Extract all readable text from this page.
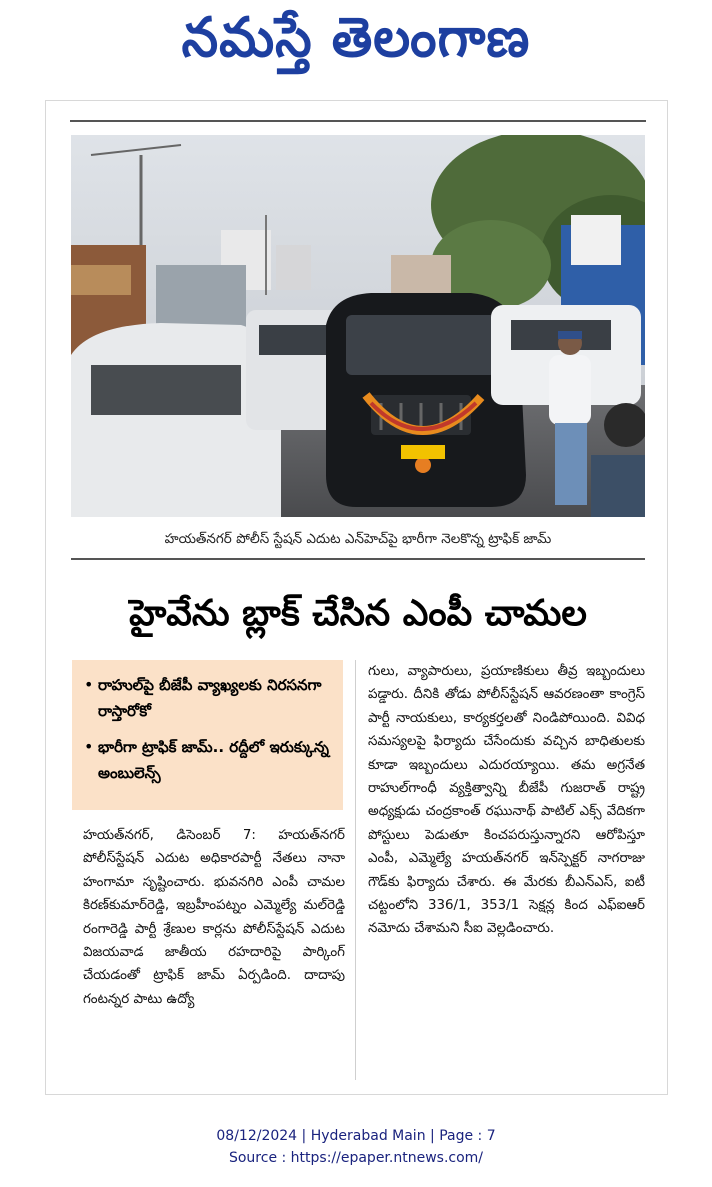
నమస్తే తెలంగాణ
హయత్‌నగర్ పోలీస్ స్టేషన్ ఎదుట ఎన్‌హెచ్‌పై భారీగా నెలకొన్న ట్రాఫిక్ జామ్
హైవేను బ్లాక్ చేసిన ఎంపీ చామల
• రాహుల్‌పై బీజేపీ వ్యాఖ్యలకు నిరసనగా రాస్తారోకో
• భారీగా ట్రాఫిక్ జామ్.. రద్దీలో ఇరుక్కున్న అంబులెన్స్
హయత్‌నగర్, డిసెంబర్ 7: హయత్‌నగర్ పోలీస్‌స్టేషన్ ఎదుట అధికారపార్టీ నేతలు నానా హంగామా సృష్టించారు. భువనగిరి ఎంపీ చామల కిరణ్‌కుమార్‌రెడ్డి, ఇబ్రహీంపట్నం ఎమ్మెల్యే మల్‌రెడ్డి రంగారెడ్డి పార్టీ శ్రేణుల కార్లను పోలీస్‌స్టేషన్ ఎదుట విజయవాడ జాతీయ రహదారిపై పార్కింగ్ చేయడంతో ట్రాఫిక్ జామ్ ఏర్పడింది. దాదాపు గంటన్నర పాటు ఉద్యో
గులు, వ్యాపారులు, ప్రయాణికులు తీవ్ర ఇబ్బందులు పడ్డారు. దీనికి తోడు పోలీస్‌స్టేషన్ ఆవరణంతా కాంగ్రెస్ పార్టీ నాయకులు, కార్యకర్తలతో నిండిపోయింది. వివిధ సమస్యలపై ఫిర్యాదు చేసేందుకు వచ్చిన బాధితులకు కూడా ఇబ్బందులు ఎదురయ్యాయి. తమ అగ్రనేత రాహుల్‌గాంధీ వ్యక్తిత్వాన్ని బీజేపీ గుజరాత్ రాష్ట్ర అధ్యక్షుడు చంద్రకాంత్ రఘునాథ్ పాటిల్ ఎక్స్ వేదికగా పోస్టులు పెడుతూ కించపరుస్తున్నారని ఆరోపిస్తూ ఎంపీ, ఎమ్మెల్యే హయత్‌నగర్ ఇన్‌స్పెక్టర్ నాగరాజు గౌడ్‌కు ఫిర్యాదు చేశారు. ఈ మేరకు బీఎన్‌ఎస్, ఐటీ చట్టంలోని 336/1, 353/1 సెక్షన్ల కింద ఎఫ్‌ఐఆర్ నమోదు చేశామని సీఐ వెల్లడించారు.
08/12/2024 | Hyderabad Main | Page : 7
Source : https://epaper.ntnews.com/
